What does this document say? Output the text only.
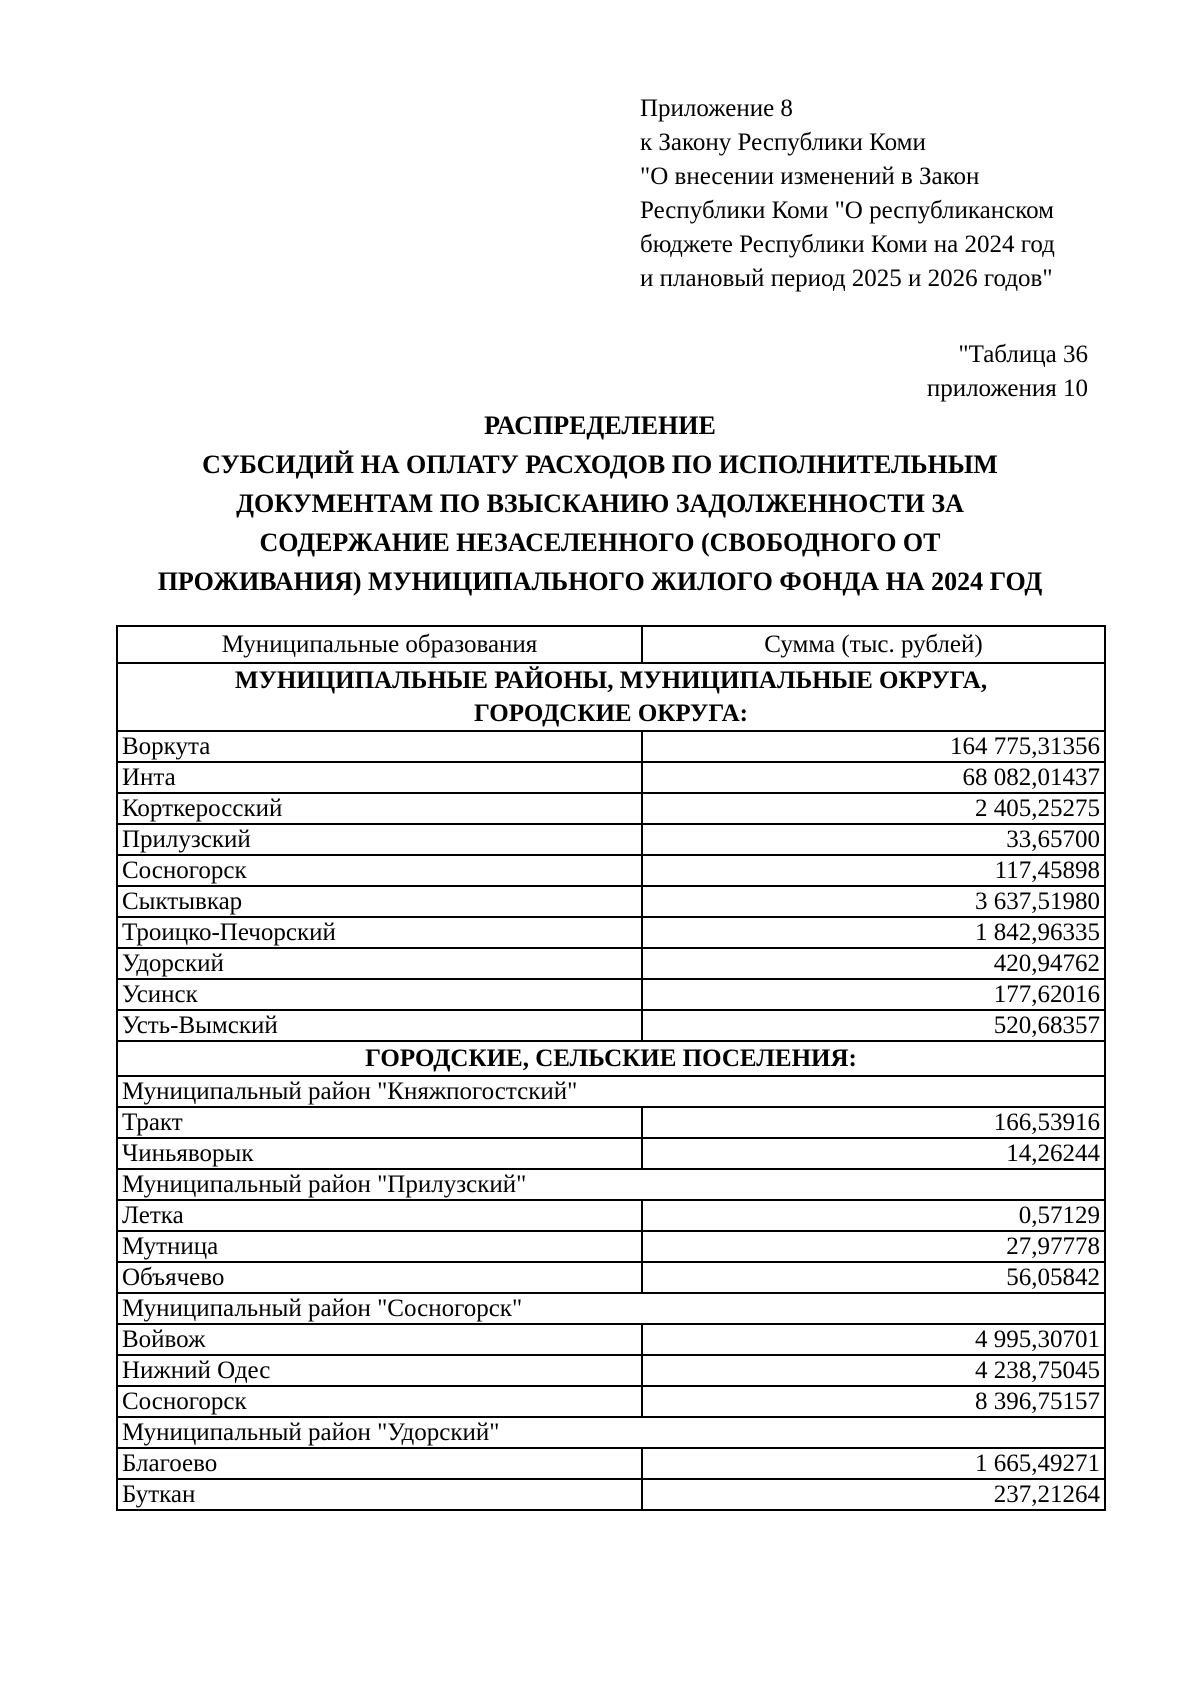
Приложение 8
к Закону Республики Коми
"О внесении изменений в Закон
Республики Коми "О республиканском
бюджете Республики Коми на 2024 год
и плановый период 2025 и 2026 годов"
"Таблица 36
приложения 10
РАСПРЕДЕЛЕНИЕ
СУБСИДИЙ НА ОПЛАТУ РАСХОДОВ ПО ИСПОЛНИТЕЛЬНЫМ
ДОКУМЕНТАМ ПО ВЗЫСКАНИЮ ЗАДОЛЖЕННОСТИ ЗА
СОДЕРЖАНИЕ НЕЗАСЕЛЕННОГО (СВОБОДНОГО ОТ
ПРОЖИВАНИЯ) МУНИЦИПАЛЬНОГО ЖИЛОГО ФОНДА НА 2024 ГОД
Муниципальные образования	Сумма (тыс. рублей)

МУНИЦИПАЛЬНЫЕ РАЙОНЫ, МУНИЦИПАЛЬНЫЕ ОКРУГА,
ГОРОДСКИЕ ОКРУГА:	

Воркута	164 775,31356
Инта	68 082,01437
Корткеросский	2 405,25275
Прилузский	33,65700
Сосногорск	117,45898
Сыктывкар	3 637,51980
Троицко-Печорский	1 842,96335
Удорский	420,94762
Усинск	177,62016
Усть-Вымский	520,68357
ГОРОДСКИЕ, СЕЛЬСКИЕ ПОСЕЛЕНИЯ:	
Муниципальный район "Княжпогостский"	
Тракт	166,53916
Чиньяворык	14,26244
Муниципальный район "Прилузский"	
Летка	0,57129
Мутница	27,97778
Объячево	56,05842
Муниципальный район "Сосногорск"	
Войвож	4 995,30701
Нижний Одес	4 238,75045
Сосногорск	8 396,75157
Муниципальный район "Удорский"	
Благоево	1 665,49271
Буткан	237,21264
